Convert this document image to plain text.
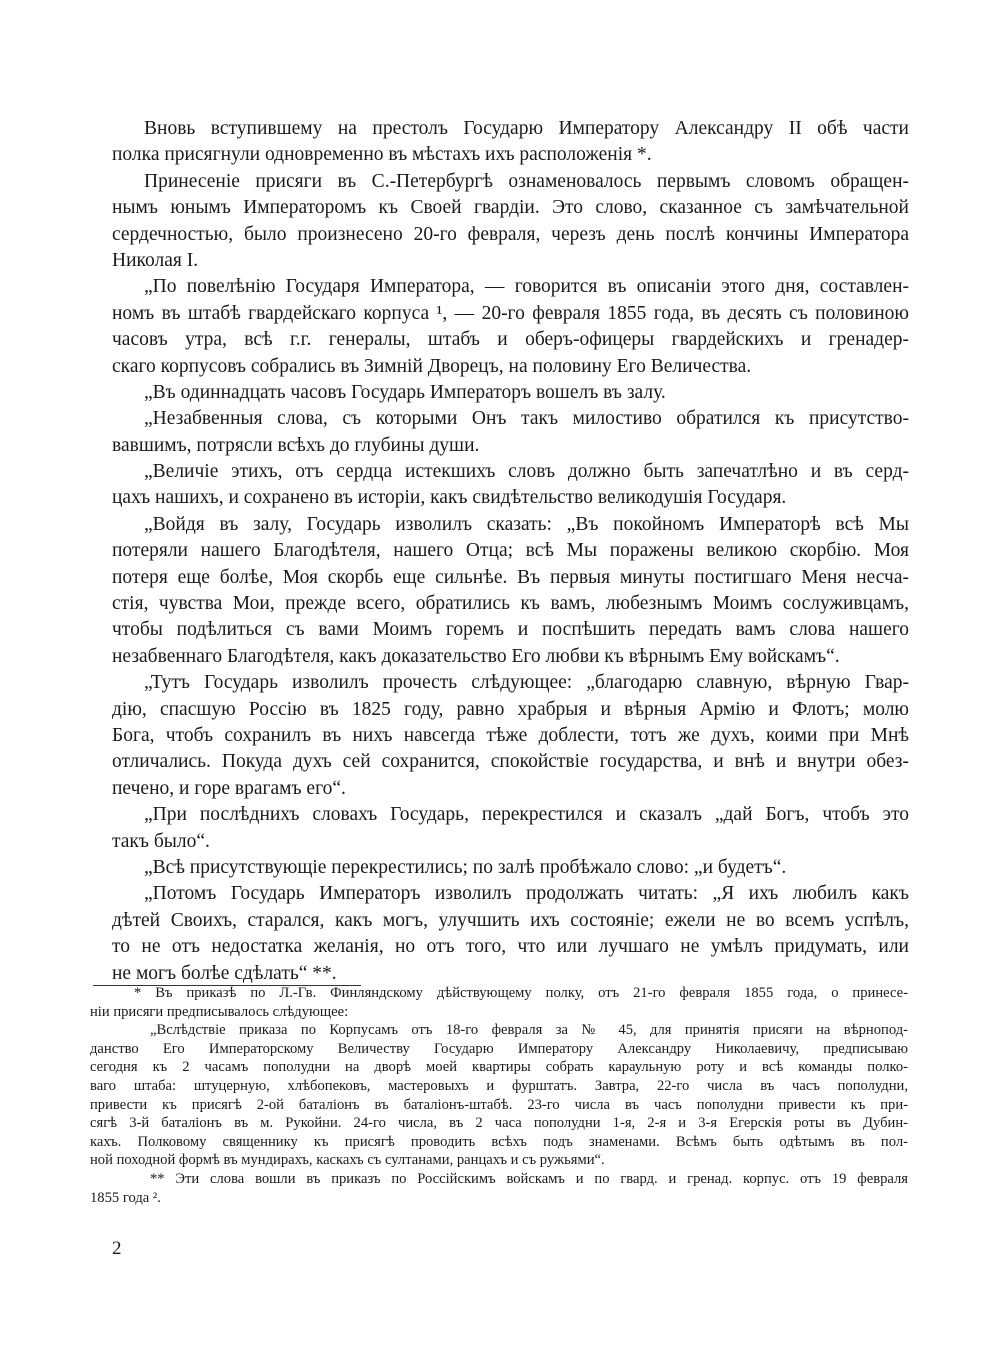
Вновь вступившему на престолъ Государю Императору Александру II обѣ части
полка присягнули одновременно въ мѣстахъ ихъ расположенія *.
Принесеніе присяги въ С.-Петербургѣ ознаменовалось первымъ словомъ обращен-
нымъ юнымъ Императоромъ къ Своей гвардіи. Это слово, сказанное съ замѣчательной
сердечностью, было произнесено 20-го февраля, черезъ день послѣ кончины Императора
Николая I.
„По повелѣнію Государя Императора, — говорится въ описаніи этого дня, составлен-
номъ въ штабѣ гвардейскаго корпуса ¹, — 20-го февраля 1855 года, въ десять съ половиною
часовъ утра, всѣ г.г. генералы, штабъ и оберъ-офицеры гвардейскихъ и гренадер-
скаго корпусовъ собрались въ Зимній Дворецъ, на половину Его Величества.
„Въ одиннадцать часовъ Государь Императоръ вошелъ въ залу.
„Незабвенныя слова, съ которыми Онъ такъ милостиво обратился къ присутство-
вавшимъ, потрясли всѣхъ до глубины души.
„Величіе этихъ, отъ сердца истекшихъ словъ должно быть запечатлѣно и въ серд-
цахъ нашихъ, и сохранено въ исторіи, какъ свидѣтельство великодушія Государя.
„Войдя въ залу, Государь изволилъ сказать: „Въ покойномъ Императорѣ всѣ Мы
потеряли нашего Благодѣтеля, нашего Отца; всѣ Мы поражены великою скорбію. Моя
потеря еще болѣе, Моя скорбь еще сильнѣе. Въ первыя минуты постигшаго Меня несча-
стія, чувства Мои, прежде всего, обратились къ вамъ, любезнымъ Моимъ сослуживцамъ,
чтобы подѣлиться съ вами Моимъ горемъ и поспѣшить передать вамъ слова нашего
незабвеннаго Благодѣтеля, какъ доказательство Его любви къ вѣрнымъ Ему войскамъ“.
„Тутъ Государь изволилъ прочесть слѣдующее: „благодарю славную, вѣрную Гвар-
дію, спасшую Россію въ 1825 году, равно храбрыя и вѣрныя Армію и Флотъ; молю
Бога, чтобъ сохранилъ въ нихъ навсегда тѣже доблести, тотъ же духъ, коими при Мнѣ
отличались. Покуда духъ сей сохранится, спокойствіе государства, и внѣ и внутри обез-
печено, и горе врагамъ его“.
„При послѣднихъ словахъ Государь, перекрестился и сказалъ „дай Богъ, чтобъ это
такъ было“.
„Всѣ присутствующіе перекрестились; по залѣ пробѣжало слово: „и будетъ“.
„Потомъ Государь Императоръ изволилъ продолжать читать: „Я ихъ любилъ какъ
дѣтей Своихъ, старался, какъ могъ, улучшить ихъ состояніе; ежели не во всемъ успѣлъ,
то не отъ недостатка желанія, но отъ того, что или лучшаго не умѣлъ придумать, или
не могъ болѣе сдѣлать“ **.
* Въ приказѣ по Л.-Гв. Финляндскому дѣйствующему полку, отъ 21-го февраля 1855 года, о принесе-
ніи присяги предписывалось слѣдующее:
„Вслѣдствіе приказа по Корпусамъ отъ 18-го февраля за № 45, для принятія присяги на вѣрнопод-
данство Его Императорскому Величеству Государю Императору Александру Николаевичу, предписываю
сегодня къ 2 часамъ пополудни на дворѣ моей квартиры собрать караульную роту и всѣ команды полко-
ваго штаба: штуцерную, хлѣбопековъ, мастеровыхъ и фурштатъ. Завтра, 22-го числа въ часъ пополудни,
привести къ присягѣ 2-ой баталіонъ въ баталіонъ-штабѣ. 23-го числа въ часъ пополудни привести къ при-
сягѣ 3-й баталіонъ въ м. Рукойни. 24-го числа, въ 2 часа пополудни 1-я, 2-я и 3-я Егерскія роты въ Дубин-
кахъ. Полковому священнику къ присягѣ проводить всѣхъ подъ знаменами. Всѣмъ быть одѣтымъ въ пол-
ной походной формѣ въ мундирахъ, каскахъ съ султанами, ранцахъ и съ ружьями“.
** Эти слова вошли въ приказъ по Россійскимъ войскамъ и по гвард. и гренад. корпус. отъ 19 февраля
1855 года ².
2
